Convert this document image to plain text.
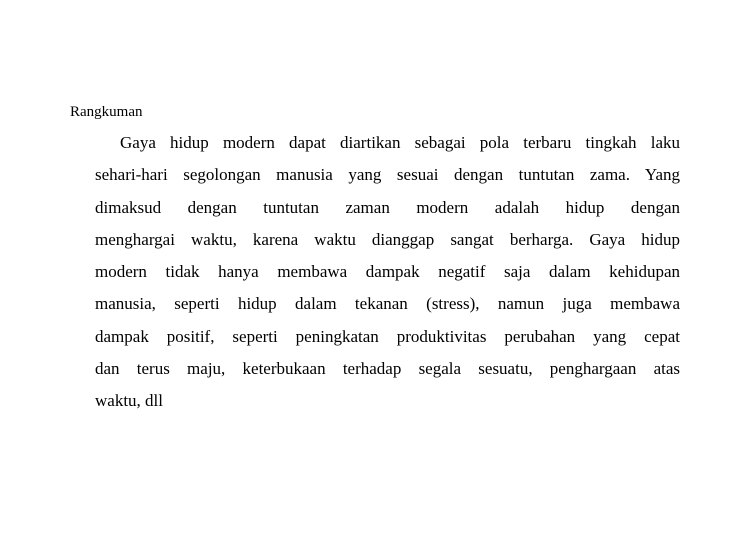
Rangkuman

Gaya hidup modern dapat diartikan sebagai pola terbaru tingkah laku
sehari-hari segolongan manusia yang sesuai dengan tuntutan zama. Yang
dimaksud dengan tuntutan zaman modern adalah hidup dengan
menghargai waktu, karena waktu dianggap sangat berharga. Gaya hidup
modern tidak hanya membawa dampak negatif saja dalam kehidupan
manusia, seperti hidup dalam tekanan (stress), namun juga membawa
dampak positif, seperti peningkatan produktivitas perubahan yang cepat
dan terus maju, keterbukaan terhadap segala sesuatu, penghargaan atas
waktu, dll
